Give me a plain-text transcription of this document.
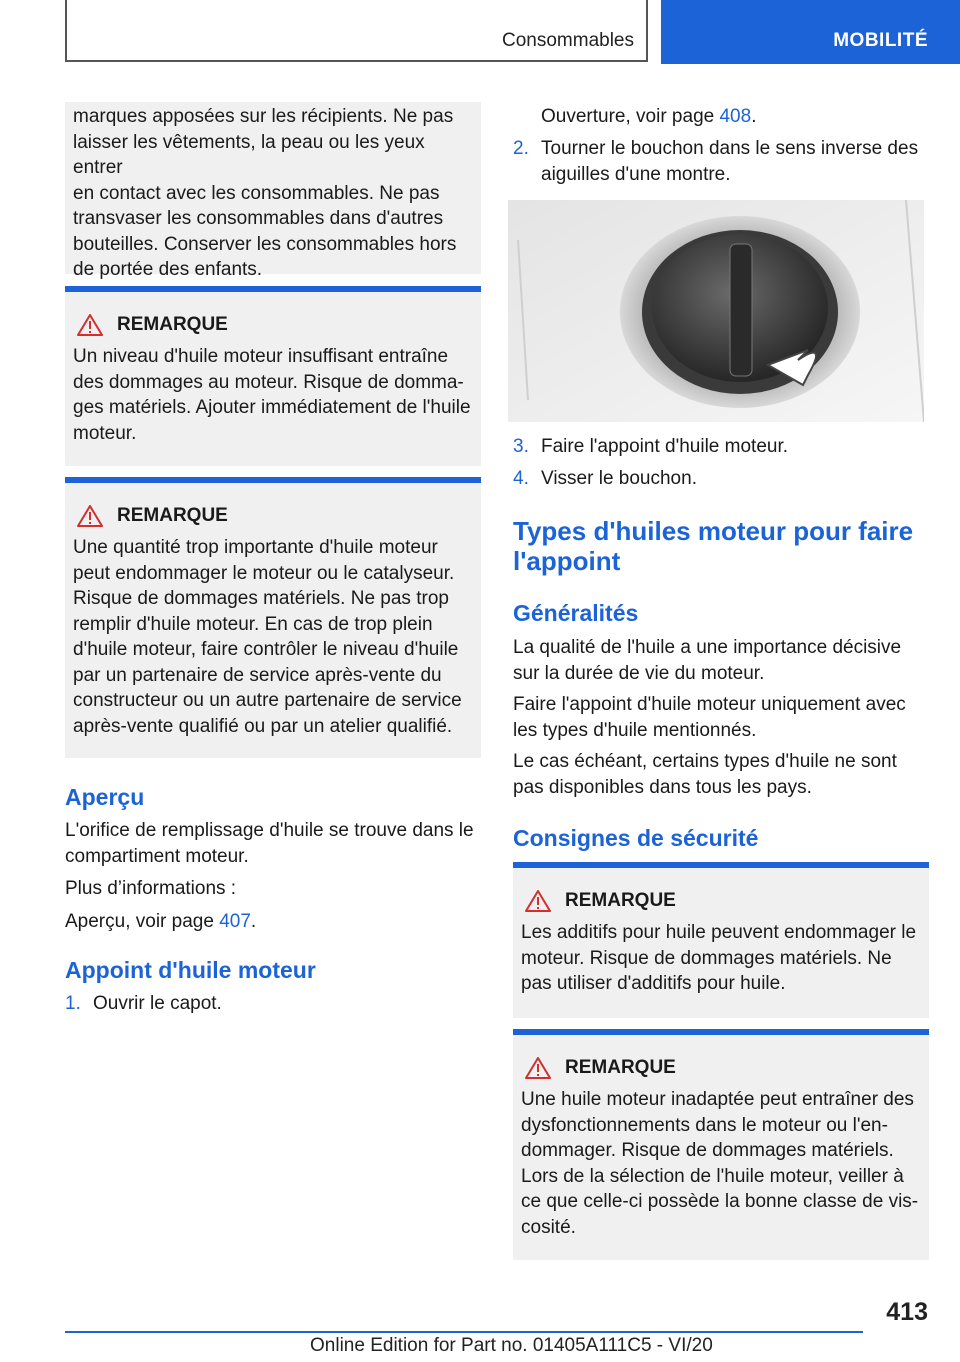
Consommables	MOBILITÉ

marques apposées sur les récipients. Ne pas

laisser les vêtements, la peau ou les yeux entrer

en contact avec les consommables. Ne pas

transvaser les consommables dans d'autres

bouteilles. Conserver les consommables hors

de portée des enfants.

REMARQUE

Un niveau d'huile moteur insuffisant entraîne

des dommages au moteur. Risque de domma-

ges matériels. Ajouter immédiatement de l'huile

moteur.

REMARQUE

Une quantité trop importante d'huile moteur

peut endommager le moteur ou le catalyseur.

Risque de dommages matériels. Ne pas trop

remplir d'huile moteur. En cas de trop plein

d'huile moteur, faire contrôler le niveau d'huile

par un partenaire de service après-vente du

constructeur ou un autre partenaire de service

après-vente qualifié ou par un atelier qualifié.

Aperçu

L'orifice de remplissage d'huile se trouve dans le

compartiment moteur.

Plus d’informations :

Aperçu, voir page 407.

Appoint d'huile moteur
1. Ouvrir le capot.

Ouverture, voir page 408.

2. Tourner le bouchon dans le sens inverse des
aiguilles d'une montre.
3. Faire l'appoint d'huile moteur.
4. Visser le bouchon.
Types d'huiles moteur pour faire
l'appoint
Généralités

La qualité de l'huile a une importance décisive

sur la durée de vie du moteur.

Faire l'appoint d'huile moteur uniquement avec

les types d'huile mentionnés.

Le cas échéant, certains types d'huile ne sont

pas disponibles dans tous les pays.

Consignes de sécurité
REMARQUE

Les additifs pour huile peuvent endommager le

moteur. Risque de dommages matériels. Ne

pas utiliser d'additifs pour huile.

REMARQUE

Une huile moteur inadaptée peut entraîner des

dysfonctionnements dans le moteur ou l'en-

dommager. Risque de dommages matériels.

Lors de la sélection de l'huile moteur, veiller à

ce que celle-ci possède la bonne classe de vis-

cosité.

413
Online Edition for Part no. 01405A111C5 - VI/20
